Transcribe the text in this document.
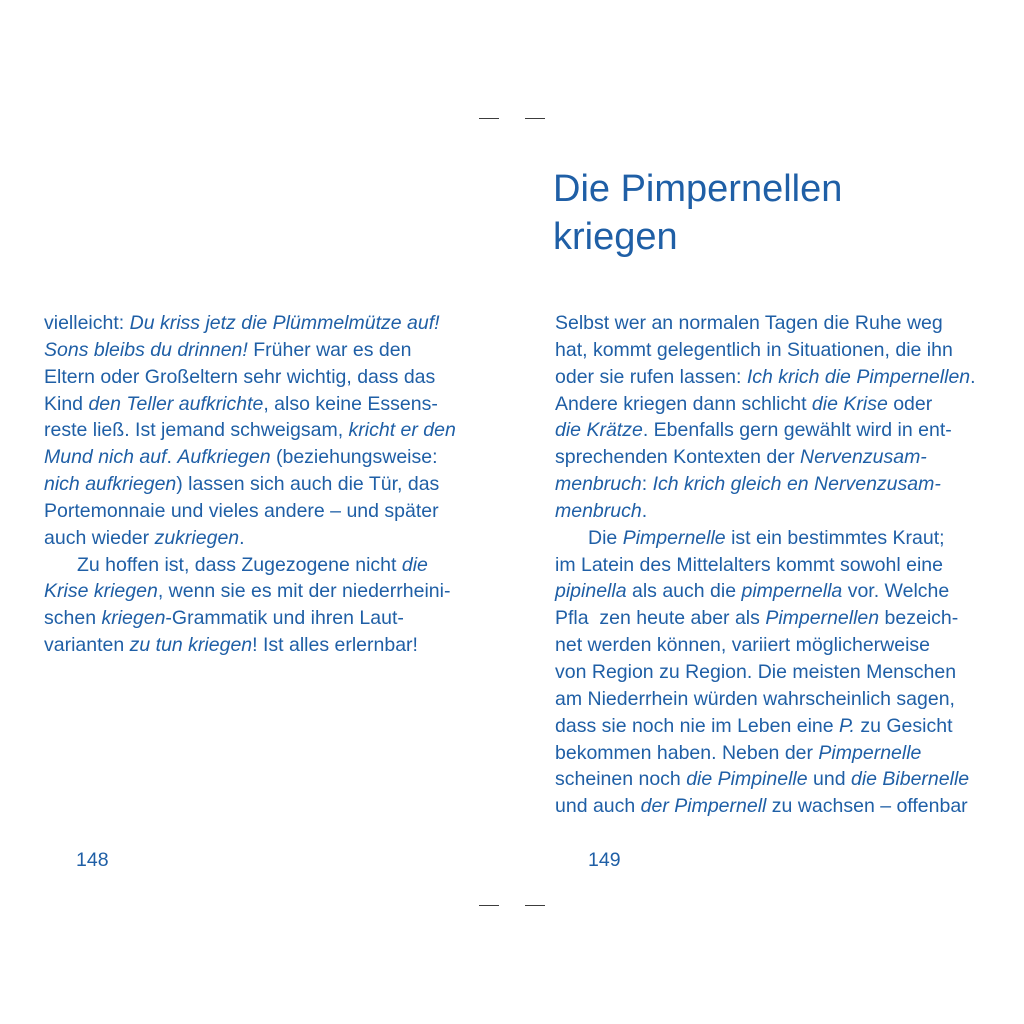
vielleicht: Du kriss jetz die Plümmelmütze auf!
Sons bleibs du drinnen! Früher war es den
Eltern oder Großeltern sehr wichtig, dass das
Kind den Teller aufkrichte, also keine Essens-
reste ließ. Ist jemand schweigsam, kricht er den
Mund nich auf. Aufkriegen (beziehungsweise:
nich aufkriegen) lassen sich auch die Tür, das
Portemonnaie und vieles andere – und später
auch wieder zukriegen.
Zu hoffen ist, dass Zugezogene nicht die
Krise kriegen, wenn sie es mit der niederrheini-
schen kriegen-Grammatik und ihren Laut-
varianten zu tun kriegen! Ist alles erlernbar!
Die Pimpernellen
kriegen
Selbst wer an normalen Tagen die Ruhe weg
hat, kommt gelegentlich in Situationen, die ihn
oder sie rufen lassen: Ich krich die Pimpernellen.
Andere kriegen dann schlicht die Krise oder
die Krätze. Ebenfalls gern gewählt wird in ent-
sprechenden Kontexten der Nervenzusam-
menbruch: Ich krich gleich en Nervenzusam-
menbruch.
Die Pimpernelle ist ein bestimmtes Kraut;
im Latein des Mittelalters kommt sowohl eine
pipinella als auch die pimpernella vor. Welche
Pfla  zen heute aber als Pimpernellen bezeich-
net werden können, variiert möglicherweise
von Region zu Region. Die meisten Menschen
am Niederrhein würden wahrscheinlich sagen,
dass sie noch nie im Leben eine P. zu Gesicht
bekommen haben. Neben der Pimpernelle
scheinen noch die Pimpinelle und die Bibernelle
und auch der Pimpernell zu wachsen – offenbar
148	149
